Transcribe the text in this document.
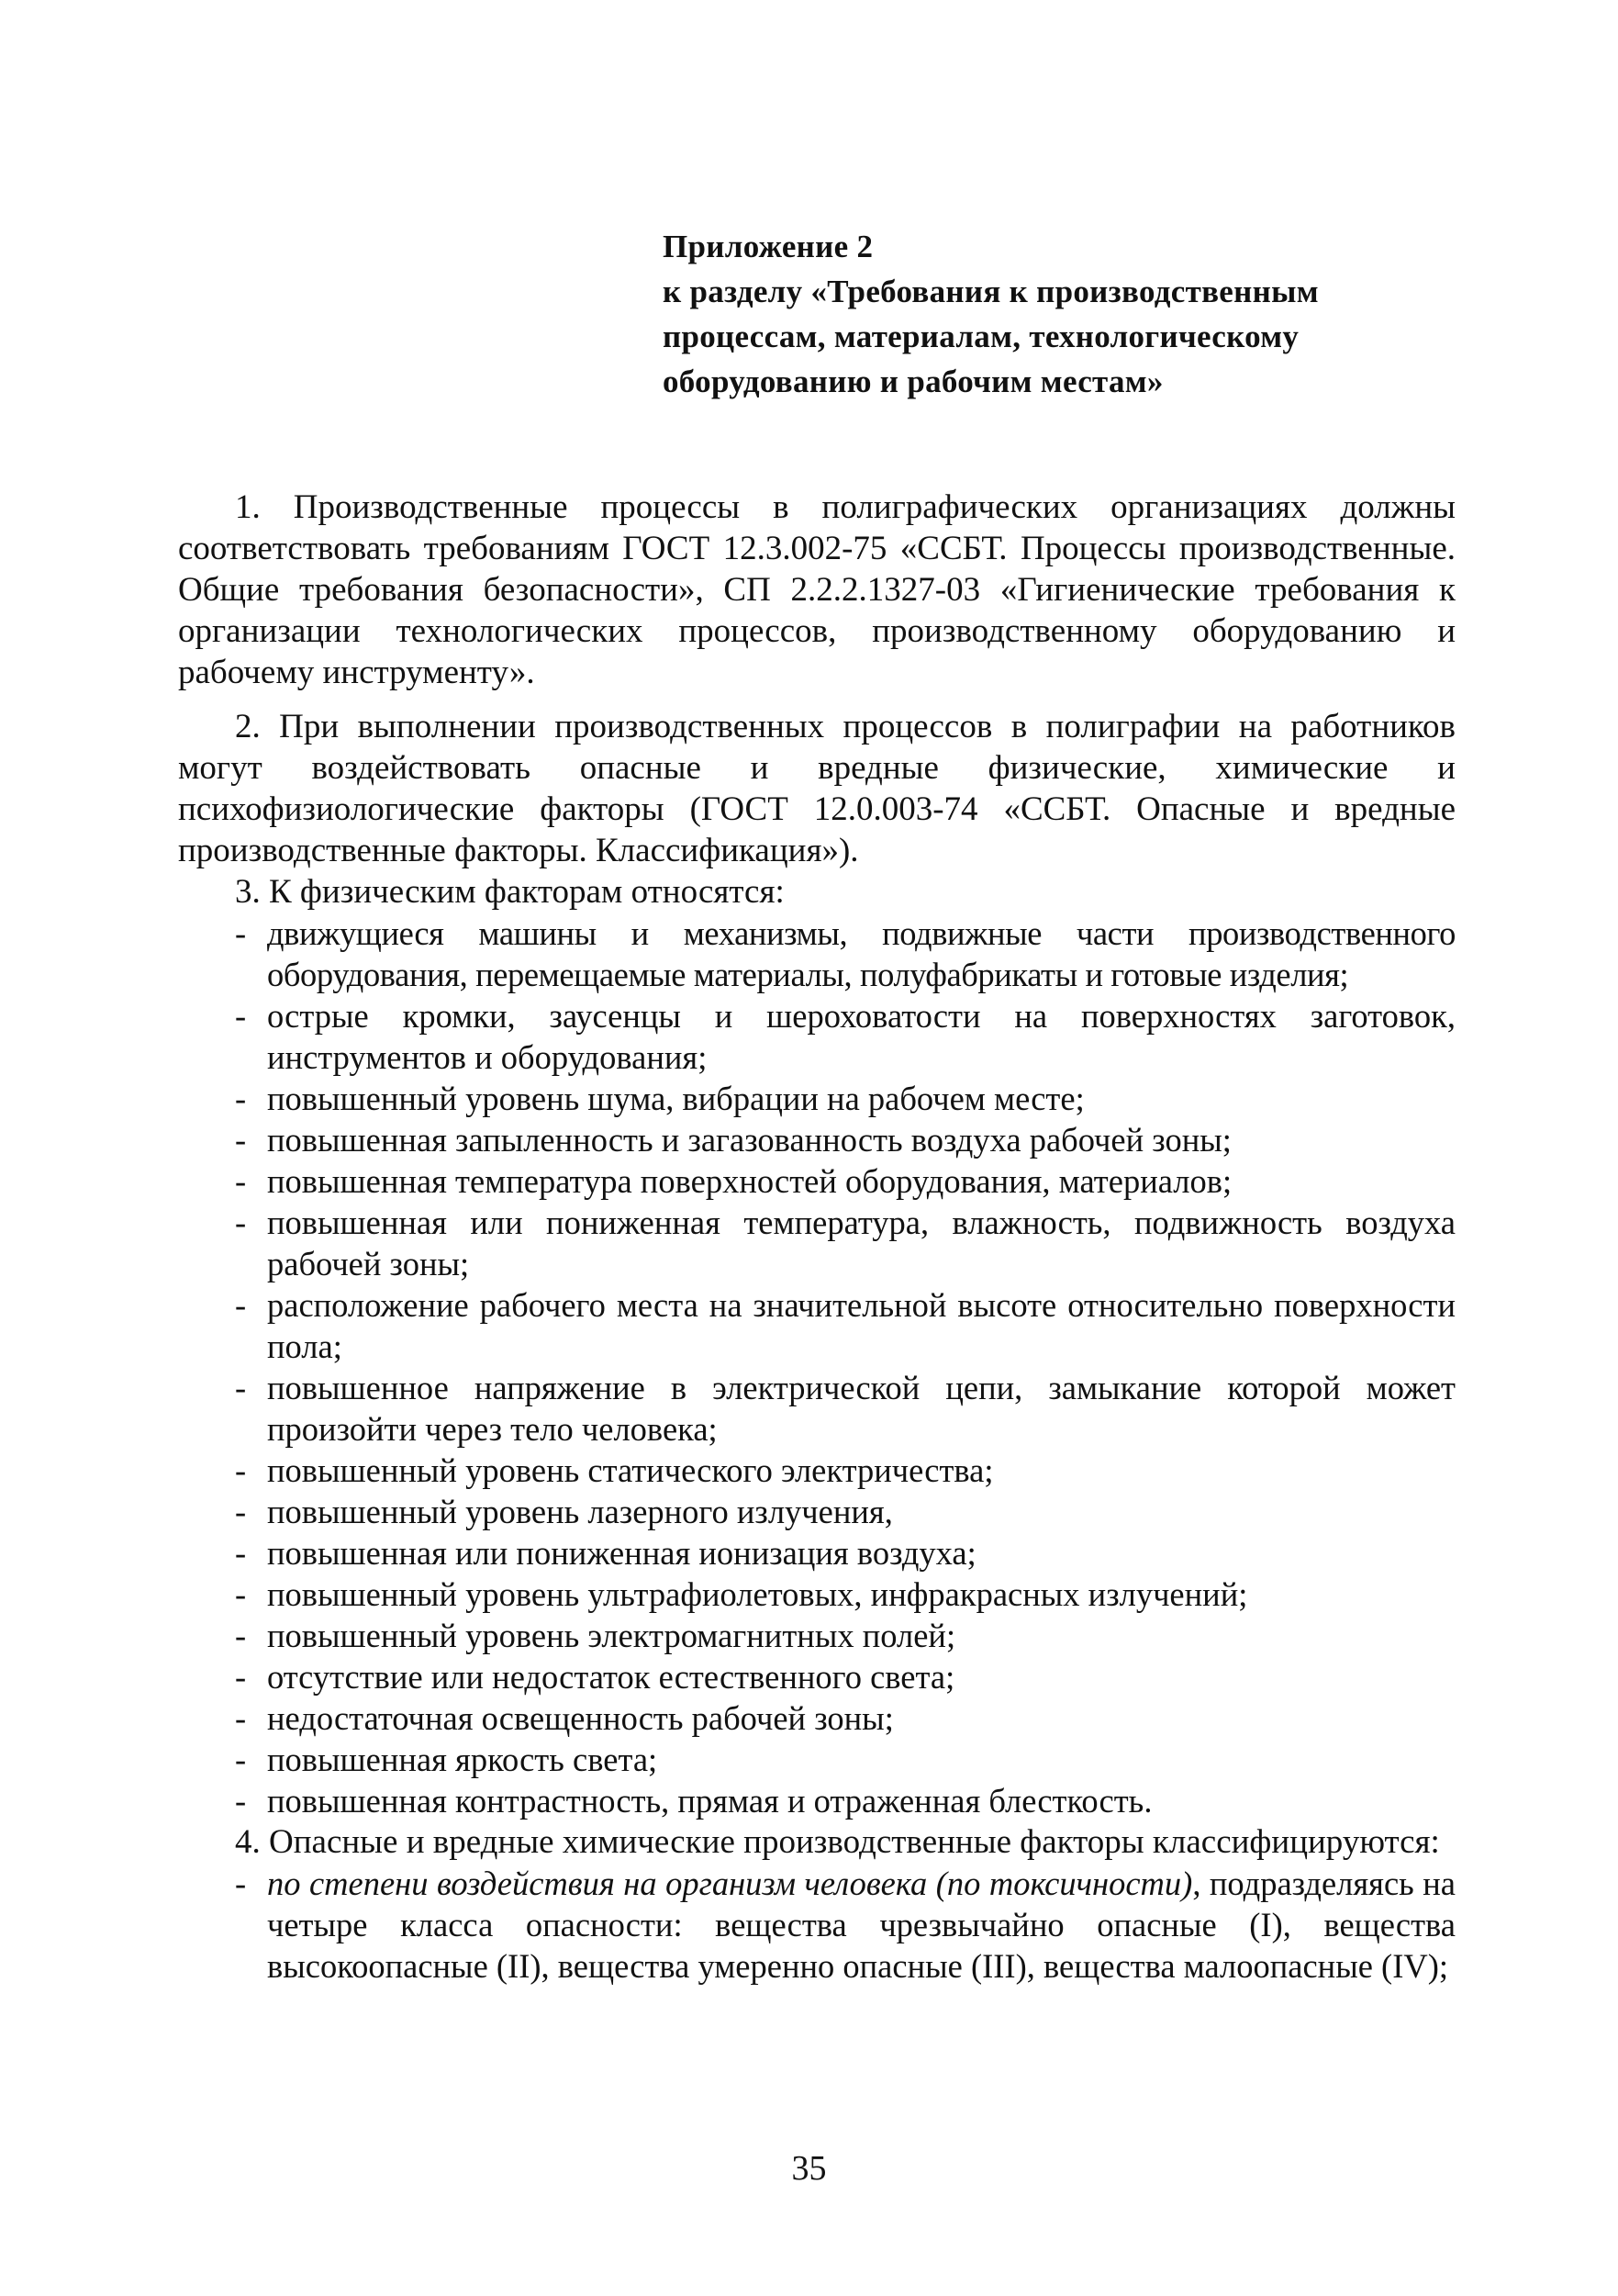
Приложение 2
к разделу «Требования к производственным
процессам, материалам, технологическому
оборудованию и рабочим местам»

1. Производственные процессы в полиграфических организациях должны соответствовать требованиям ГОСТ 12.3.002-75 «ССБТ. Процессы производственные. Общие требования безопасности», СП 2.2.2.1327-03 «Гигиенические требования к организации технологических процессов, производственному оборудованию и рабочему инструменту».

2. При выполнении производственных процессов в полиграфии на работников могут воздействовать опасные и вредные физические, химические и психофизиологические факторы (ГОСТ 12.0.003-74 «ССБТ. Опасные и вредные производственные факторы. Классификация»).

3. К физическим факторам относятся:

- движущиеся машины и механизмы, подвижные части производственного оборудования, перемещаемые материалы, полуфабрикаты и готовые изделия;
- острые кромки, заусенцы и шероховатости на поверхностях заготовок, инструментов и оборудования;
- повышенный уровень шума, вибрации на рабочем месте;
- повышенная запыленность и загазованность воздуха рабочей зоны;
- повышенная температура поверхностей оборудования, материалов;
- повышенная или пониженная температура, влажность, подвижность воздуха рабочей зоны;
- расположение рабочего места на значительной высоте относительно поверхности пола;
- повышенное напряжение в электрической цепи, замыкание которой может произойти через тело человека;
- повышенный уровень статического электричества;
- повышенный уровень лазерного излучения,
- повышенная или пониженная ионизация воздуха;
- повышенный уровень ультрафиолетовых, инфракрасных излучений;
- повышенный уровень электромагнитных полей;
- отсутствие или недостаток естественного света;
- недостаточная освещенность рабочей зоны;
- повышенная яркость света;
- повышенная контрастность, прямая и отраженная блесткость.

4. Опасные и вредные химические производственные факторы классифицируются:

- по степени воздействия на организм человека (по токсичности), подразделяясь на четыре класса опасности: вещества чрезвычайно опасные (I), вещества высокоопасные (II), вещества умеренно опасные (III), вещества малоопасные (IV);
35
